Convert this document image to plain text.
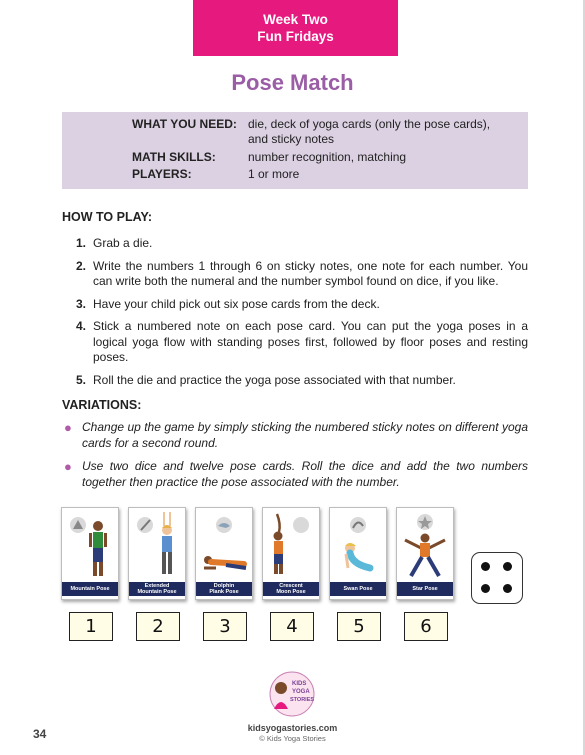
Week Two
Fun Fridays
Pose Match
WHAT YOU NEED: die, deck of yoga cards (only the pose cards), and sticky notes
MATH SKILLS:	number recognition, matching
PLAYERS:	1 or more
HOW TO PLAY:
1. Grab a die.
2. Write the numbers 1 through 6 on sticky notes, one note for each number. You can write both the numeral and the number symbol found on dice, if you like.
3. Have your child pick out six pose cards from the deck.
4. Stick a numbered note on each pose card. You can put the yoga poses in a logical yoga flow with standing poses first, followed by floor poses and resting poses.
5. Roll the die and practice the yoga pose associated with that number.
VARIATIONS:
● Change up the game by simply sticking the numbered sticky notes on different yoga cards for a second round.
● Use two dice and twelve pose cards. Roll the dice and add the two numbers together then practice the pose associated with the number.
Mountain Pose	Extended
Mountain Pose
Dolphin
Plank Pose
Crescent
Moon Pose	Swan Pose	Star Pose
1	2	3	4	5	6
KIDS
YOGA
STORIES
kidsyogastories.com
© Kids Yoga Stories
34
